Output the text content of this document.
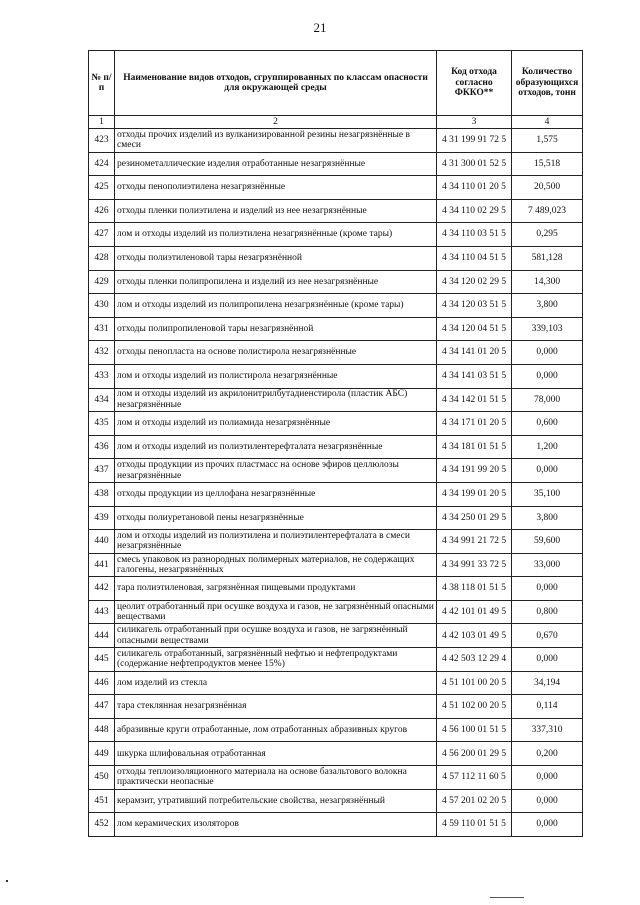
21
№ п/п	Наименование видов отходов, сгруппированных по классам опасности для окружающей среды	Код отхода согласно ФККО**	Количество образующихся отходов, тонн
1	2	3	4
423	отходы прочих изделий из вулканизированной резины незагрязнённые в смеси	4 31 199 91 72 5	1,575
424	резинометаллические изделия отработанные незагрязнённые	4 31 300 01 52 5	15,518
425	отходы пенополиэтилена незагрязнённые	4 34 110 01 20 5	20,500
426	отходы пленки полиэтилена и изделий из нее незагрязнённые	4 34 110 02 29 5	7 489,023
427	лом и отходы изделий из полиэтилена незагрязнённые (кроме тары)	4 34 110 03 51 5	0,295
428	отходы полиэтиленовой тары незагрязнённой	4 34 110 04 51 5	581,128
429	отходы пленки полипропилена и изделий из нее незагрязнённые	4 34 120 02 29 5	14,300
430	лом и отходы изделий из полипропилена незагрязнённые (кроме тары)	4 34 120 03 51 5	3,800
431	отходы полипропиленовой тары незагрязнённой	4 34 120 04 51 5	339,103
432	отходы пенопласта на основе полистирола незагрязнённые	4 34 141 01 20 5	0,000
433	лом и отходы изделий из полистирола незагрязнённые	4 34 141 03 51 5	0,000
434	лом и отходы изделий из акрилонитрилбутадиенстирола (пластик АБС) незагрязнённые	4 34 142 01 51 5	78,000
435	лом и отходы изделий из полиамида незагрязнённые	4 34 171 01 20 5	0,600
436	лом и отходы изделий из полиэтилентерефталата незагрязнённые	4 34 181 01 51 5	1,200
437	отходы продукции из прочих пластмасс на основе эфиров целлюлозы незагрязнённые	4 34 191 99 20 5	0,000
438	отходы продукции из целлофана незагрязнённые	4 34 199 01 20 5	35,100
439	отходы полиуретановой пены незагрязнённые	4 34 250 01 29 5	3,800
440	лом и отходы изделий из полиэтилена и полиэтилентерефталата в смеси незагрязнённые	4 34 991 21 72 5	59,600
441	смесь упаковок из разнородных полимерных материалов, не содержащих галогены, незагрязнённых	4 34 991 33 72 5	33,000
442	тара полиэтиленовая, загрязнённая пищевыми продуктами	4 38 118 01 51 5	0,000
443	цеолит отработанный при осушке воздуха и газов, не загрязнённый опасными веществами	4 42 101 01 49 5	0,800
444	силикагель отработанный при осушке воздуха и газов, не загрязнённый опасными веществами	4 42 103 01 49 5	0,670
445	силикагель отработанный, загрязнённый нефтью и нефтепродуктами (содержание нефтепродуктов менее 15%)	4 42 503 12 29 4	0,000
446	лом изделий из стекла	4 51 101 00 20 5	34,194
447	тара стеклянная незагрязнённая	4 51 102 00 20 5	0,114
448	абразивные круги отработанные, лом отработанных абразивных кругов	4 56 100 01 51 5	337,310
449	шкурка шлифовальная отработанная	4 56 200 01 29 5	0,200
450	отходы теплоизоляционного материала на основе базальтового волокна практически неопасные	4 57 112 11 60 5	0,000
451	керамзит, утративший потребительские свойства, незагрязнённый	4 57 201 02 20 5	0,000
452	лом керамических изоляторов	4 59 110 01 51 5	0,000
